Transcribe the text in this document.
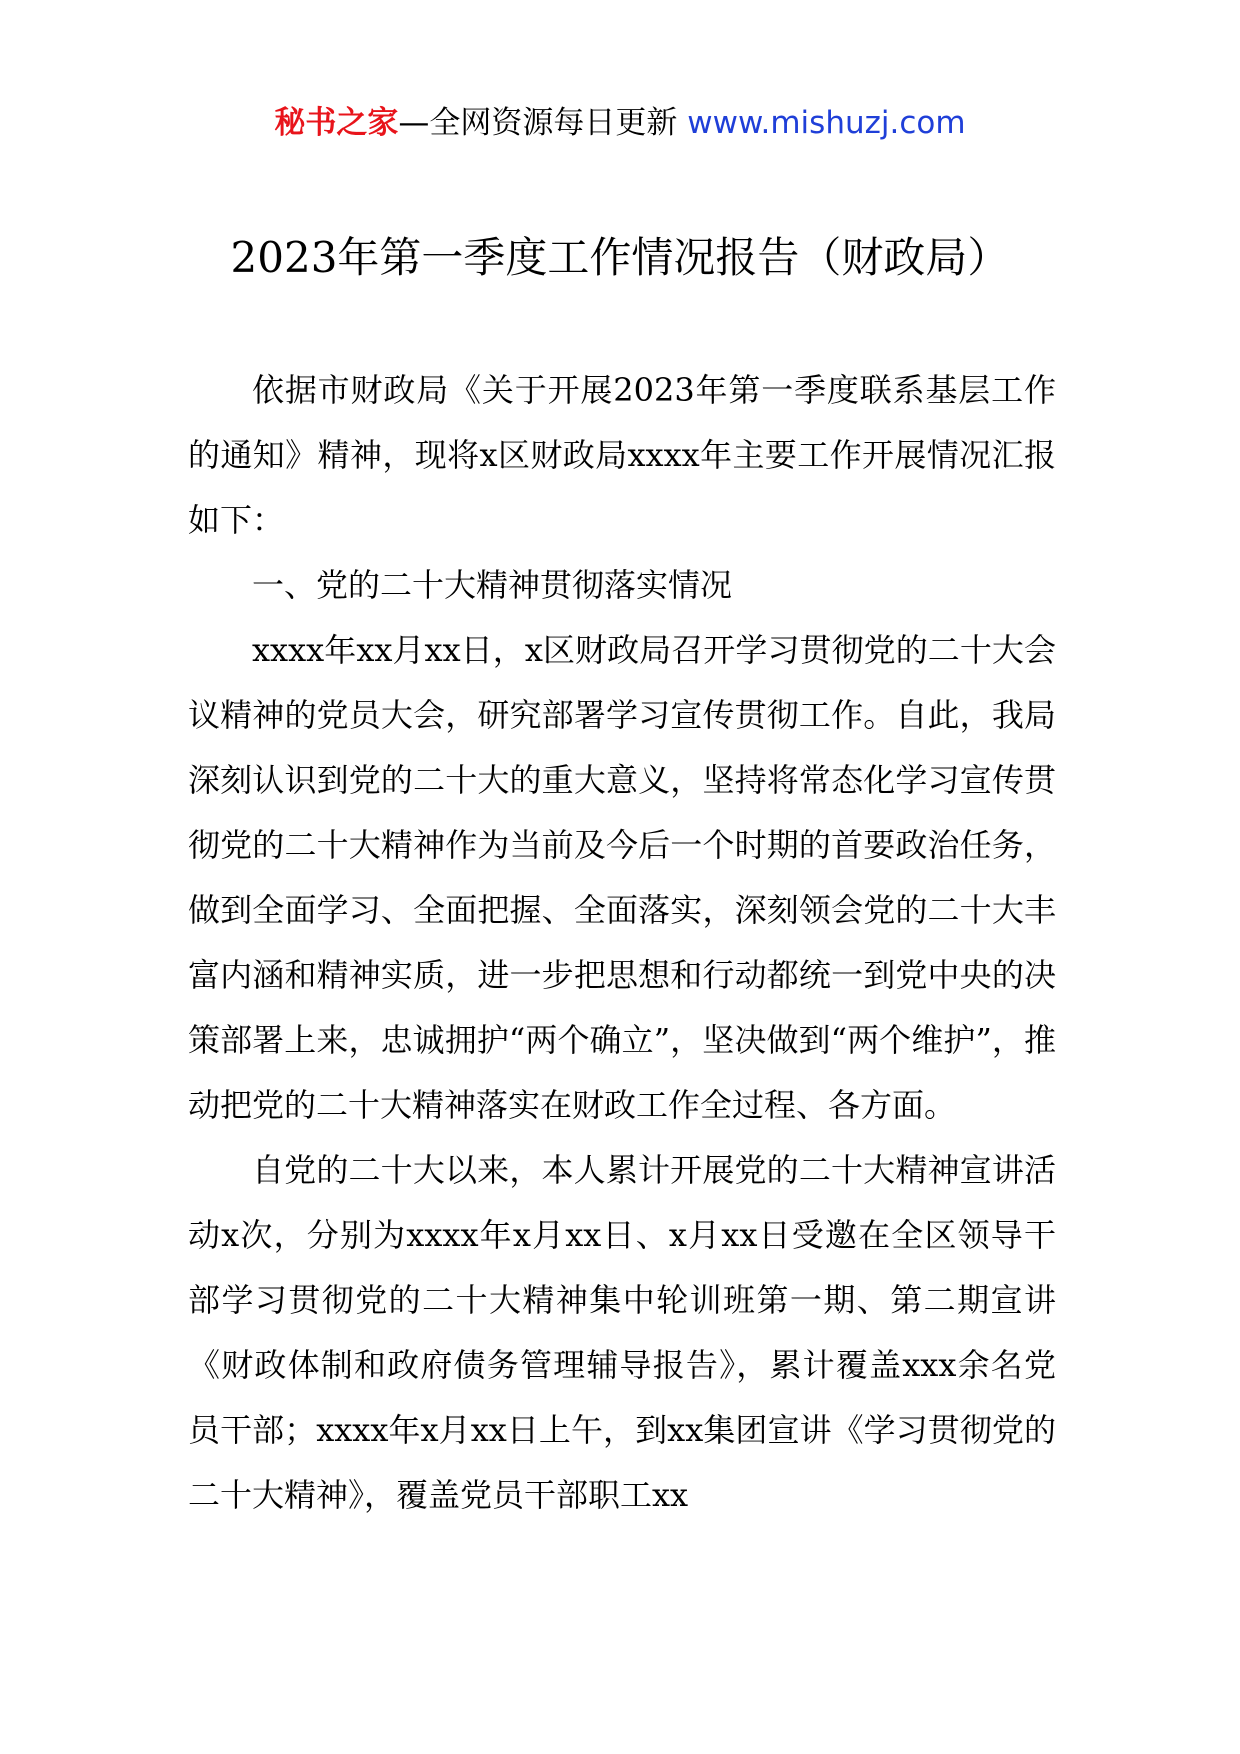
秘书之家—全网资源每日更新 www.mishuzj.com
2023年第一季度工作情况报告（财政局）

依据市财政局《关于开展2023年第一季度联系基层工作的通知》精神，现将x区财政局xxxx年主要工作开展情况汇报如下：

一、党的二十大精神贯彻落实情况

xxxx年xx月xx日，x区财政局召开学习贯彻党的二十大会议精神的党员大会，研究部署学习宣传贯彻工作。自此，我局深刻认识到党的二十大的重大意义，坚持将常态化学习宣传贯彻党的二十大精神作为当前及今后一个时期的首要政治任务，做到全面学习、全面把握、全面落实，深刻领会党的二十大丰富内涵和精神实质，进一步把思想和行动都统一到党中央的决策部署上来，忠诚拥护“两个确立”，坚决做到“两个维护”，推动把党的二十大精神落实在财政工作全过程、各方面。

自党的二十大以来，本人累计开展党的二十大精神宣讲活动x次，分别为xxxx年x月xx日、x月xx日受邀在全区领导干部学习贯彻党的二十大精神集中轮训班第一期、第二期宣讲《财政体制和政府债务管理辅导报告》，累计覆盖xxx余名党员干部；xxxx年x月xx日上午，到xx集团宣讲《学习贯彻党的二十大精神》，覆盖党员干部职工xx
